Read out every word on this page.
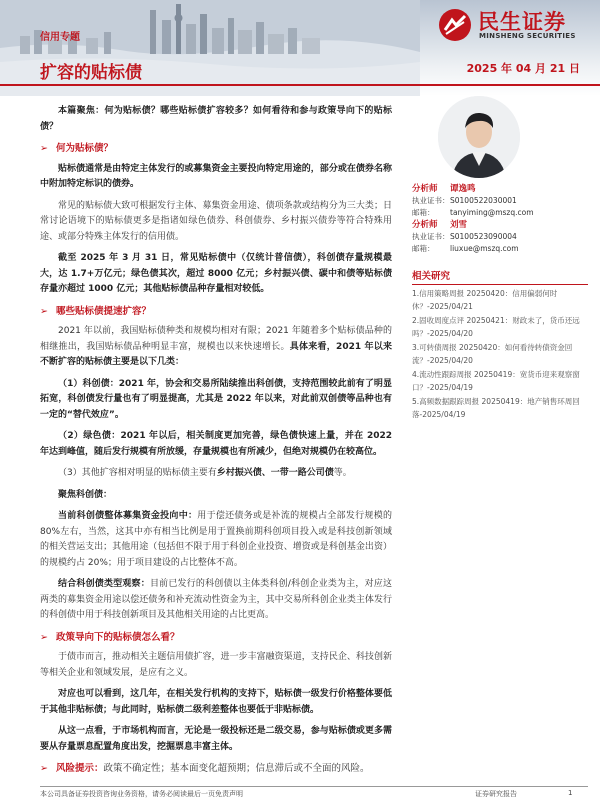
民生证券
MINSHENG SECURITIES
信用专题
扩容的贴标债	2025 年 04 月 21 日
本篇聚焦：何为贴标债？哪些贴标债扩容较多？如何看待和参与政策导向下的贴标债？
➢ 何为贴标债？
贴标债通常是由特定主体发行的或募集资金主要投向特定用途的，部分或在债券名称中附加特定标识的债券。
常见的贴标债大致可根据发行主体、募集资金用途、债项条款或结构分为三大类；日常讨论语境下的贴标债更多是指诸如绿色债券、科创债券、乡村振兴债券等符合特殊用途、或部分特殊主体发行的信用债。
截至 2025 年 3 月 31 日，常见贴标债中（仅统计普信债），科创债存量规模最大，达 1.7+万亿元；绿色债其次，超过 8000 亿元；乡村振兴债、碳中和债等贴标债存量亦超过 1000 亿元；其他贴标债品种存量相对较低。
➢ 哪些贴标债提速扩容？
2021 年以前，我国贴标债种类和规模均相对有限；2021 年随着多个贴标债品种的相继推出，我国贴标债品种明显丰富，规模也以来快速增长。具体来看，2021 年以来不断扩容的贴标债主要是以下几类：
（1）科创债：2021 年，协会和交易所陆续推出科创债，支持范围较此前有了明显拓宽，科创债发行量也有了明显提高，尤其是 2022 年以来，对此前双创债等品种也有一定的“替代效应”。
（2）绿色债：2021 年以后，相关制度更加完善，绿色债快速上量，并在 2022 年达到峰值，随后发行规模有所放缓，存量规模也有所减少，但绝对规模仍在较高位。
（3）其他扩容相对明显的贴标债主要有乡村振兴债、一带一路公司债等。
聚焦科创债：
当前科创债整体募集资金投向中：用于偿还债务或是补流的规模占全部发行规模的 80%左右，当然，这其中亦有相当比例是用于置换前期科创项目投入或是科技创新领域的相关营运支出；其他用途（包括但不限于用于科创企业投资、增资或是科创基金出资）的规模约占 20%；用于项目建设的占比整体不高。
结合科创债类型观察：目前已发行的科创债以主体类科创/科创企业类为主，对应这两类的募集资金用途以偿还债务和补充流动性资金为主，其中交易所科创企业类主体发行的科创债中用于科技创新项目及其他相关用途的占比更高。
➢ 政策导向下的贴标债怎么看？
于债市而言，推动相关主题信用债扩容，进一步丰富融资渠道，支持民企、科技创新等相关企业和领域发展，是应有之义。
对应也可以看到，这几年，在相关发行机构的支持下，贴标债一级发行价格整体要低于其他非贴标债；与此同时，贴标债二级利差整体也要低于非贴标债。
从这一点看，于市场机构而言，无论是一级投标还是二级交易，参与贴标债或更多需要从存量票息配置角度出发，挖掘票息丰富主体。
➢ 风险提示：政策不确定性；基本面变化超预期；信息滞后或不全面的风险。
分析师	谭逸鸣
执业证书： S0100522030001
邮箱：	tanyiming@mszq.com
分析师	刘雪
执业证书： S0100523090004
邮箱：	liuxue@mszq.com
相关研究
1.信用策略周报 20250420：信用偏弱何时休？-2025/04/21
2.固收周度点评 20250421：财政未了，货币还远吗？-2025/04/20
3.可转债周报 20250420：如何看待转债资金回流？-2025/04/20
4.流动性跟踪周报 20250419：宽货币迎来观察窗口？-2025/04/19
5.高频数据跟踪周报 20250419：地产销售环周回落-2025/04/19
本公司具备证券投资咨询业务资格，请务必阅读最后一页免责声明	证券研究报告	1
